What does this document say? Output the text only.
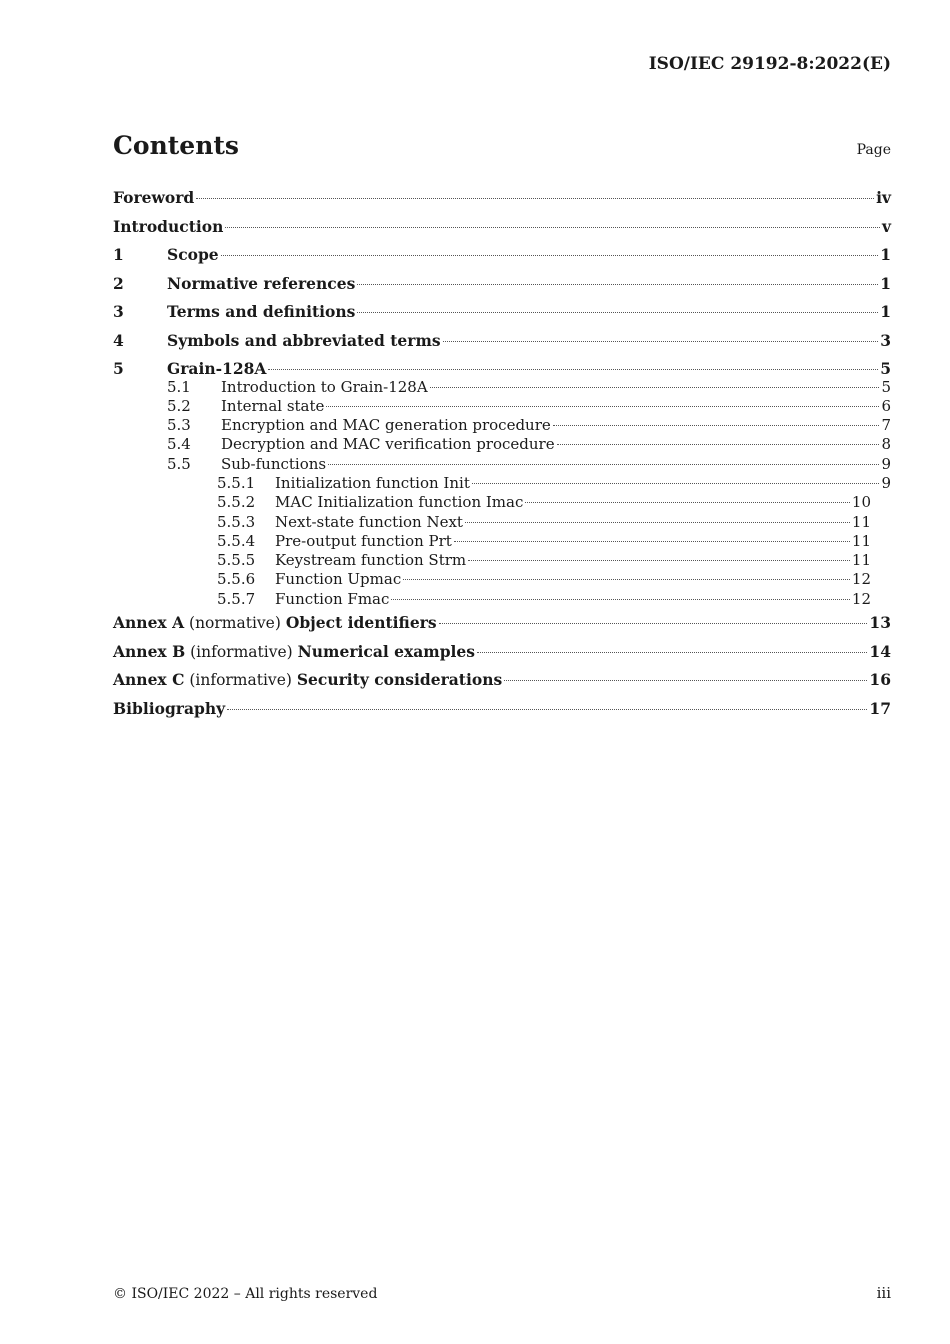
ISO/IEC 29192-8:2022(E)
Contents	Page
Foreword	iv
Introduction	v
1	Scope	1
2	Normative references	1
3	Terms and definitions	1
4	Symbols and abbreviated terms	3
5	Grain-128A	5
5.1	Introduction to Grain-128A	5
5.2	Internal state	6
5.3	Encryption and MAC generation procedure	7
5.4	Decryption and MAC verification procedure	8
5.5	Sub-functions	9
5.5.1	Initialization function Init	9
5.5.2	MAC Initialization function Imac	10
5.5.3	Next-state function Next	11
5.5.4	Pre-output function Prt	11
5.5.5	Keystream function Strm	11
5.5.6	Function Upmac	12
5.5.7	Function Fmac	12
Annex A (normative) Object identifiers	13
Annex B (informative) Numerical examples	14
Annex C (informative) Security considerations	16
Bibliography	17
© ISO/IEC 2022 – All rights reserved	iii
